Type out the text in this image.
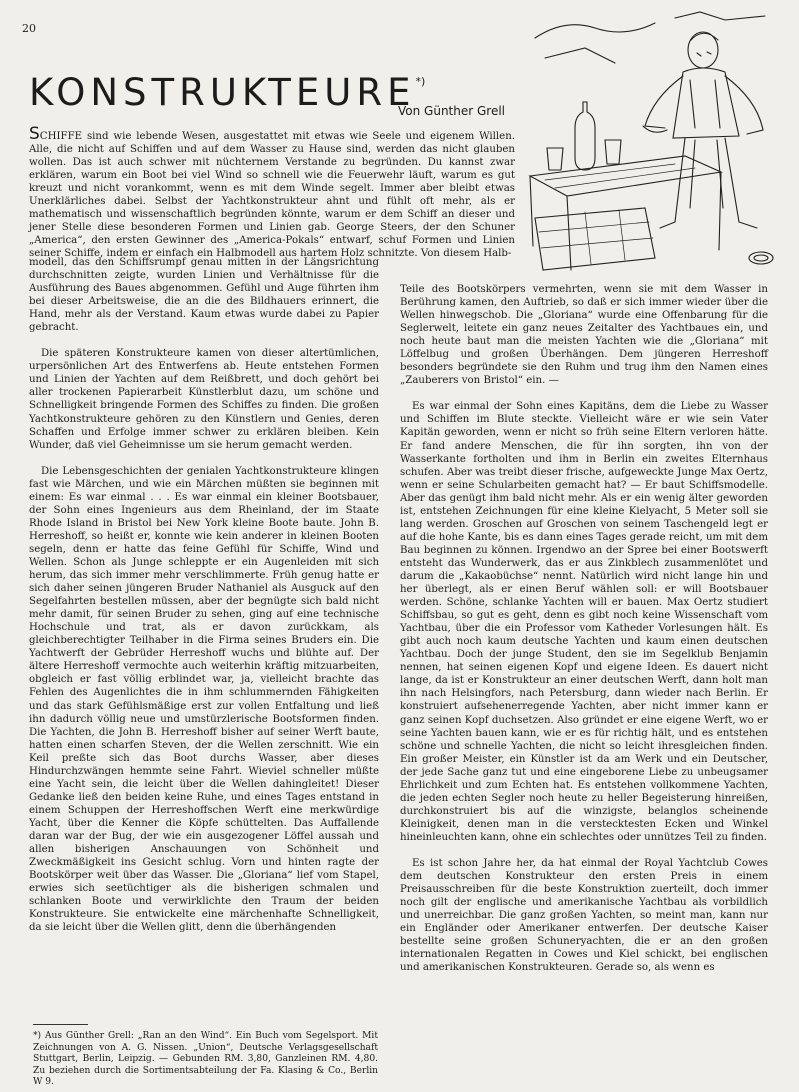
20
KONSTRUKTEURE*)
Von Günther Grell

SCHIFFE sind wie lebende Wesen, ausgestattet mit etwas wie Seele und eigenem Willen. Alle, die nicht auf Schiffen und auf dem Wasser zu Hause sind, werden das nicht glauben wollen. Das ist auch schwer mit nüchternem Verstande zu begründen. Du kannst zwar erklären, warum ein Boot bei viel Wind so schnell wie die Feuerwehr läuft, warum es gut kreuzt und nicht vorankommt, wenn es mit dem Winde segelt. Immer aber bleibt etwas Unerklärliches dabei. Selbst der Yachtkonstrukteur ahnt und fühlt oft mehr, als er mathematisch und wissenschaftlich begründen könnte, warum er dem Schiff an dieser und jener Stelle diese besonderen Formen und Linien gab. George Steers, der den Schuner „America“, den ersten Gewinner des „America-Pokals“ entwarf, schuf Formen und Linien seiner Schiffe, indem er einfach ein Halbmodell aus hartem Holz schnitzte. Von diesem Halb-

modell, das den Schiffsrumpf genau mitten in der Längsrichtung durchschnitten zeigte, wurden Linien und Verhältnisse für die Ausführung des Baues abgenommen. Gefühl und Auge führten ihm bei dieser Arbeitsweise, die an die des Bildhauers erinnert, die Hand, mehr als der Verstand. Kaum etwas wurde dabei zu Papier gebracht.

Die späteren Konstrukteure kamen von dieser altertümlichen, urpersönlichen Art des Entwerfens ab. Heute entstehen Formen und Linien der Yachten auf dem Reißbrett, und doch gehört bei aller trockenen Papierarbeit Künstlerblut dazu, um schöne und Schnelligkeit bringende Formen des Schiffes zu finden. Die großen Yachtkonstrukteure gehören zu den Künstlern und Genies, deren Schaffen und Erfolge immer schwer zu erklären bleiben. Kein Wunder, daß viel Geheimnisse um sie herum gemacht werden.

Die Lebensgeschichten der genialen Yachtkonstrukteure klingen fast wie Märchen, und wie ein Märchen müßten sie beginnen mit einem: Es war einmal . . . Es war einmal ein kleiner Bootsbauer, der Sohn eines Ingenieurs aus dem Rheinland, der im Staate Rhode Island in Bristol bei New York kleine Boote baute. John B. Herreshoff, so heißt er, konnte wie kein anderer in kleinen Booten segeln, denn er hatte das feine Gefühl für Schiffe, Wind und Wellen. Schon als Junge schleppte er ein Augenleiden mit sich herum, das sich immer mehr verschlimmerte. Früh genug hatte er sich daher seinen jüngeren Bruder Nathaniel als Ausguck auf den Segelfahrten bestellen müssen, aber der begnügte sich bald nicht mehr damit, für seinen Bruder zu sehen, ging auf eine technische Hochschule und trat, als er davon zurückkam, als gleichberechtigter Teilhaber in die Firma seines Bruders ein. Die Yachtwerft der Gebrüder Herreshoff wuchs und blühte auf. Der ältere Herreshoff vermochte auch weiterhin kräftig mitzuarbeiten, obgleich er fast völlig erblindet war, ja, vielleicht brachte das Fehlen des Augenlichtes die in ihm schlummernden Fähigkeiten und das stark Gefühlsmäßige erst zur vollen Entfaltung und ließ ihn dadurch völlig neue und umstürzlerische Bootsformen finden. Die Yachten, die John B. Herreshoff bisher auf seiner Werft baute, hatten einen scharfen Steven, der die Wellen zerschnitt. Wie ein Keil preßte sich das Boot durchs Wasser, aber dieses Hindurchzwängen hemmte seine Fahrt. Wieviel schneller müßte eine Yacht sein, die leicht über die Wellen dahingleitet! Dieser Gedanke ließ den beiden keine Ruhe, und eines Tages entstand in einem Schuppen der Herreshoffschen Werft eine merkwürdige Yacht, über die Kenner die Köpfe schüttelten. Das Auffallende daran war der Bug, der wie ein ausgezogener Löffel aussah und allen bisherigen Anschauungen von Schönheit und Zweckmäßigkeit ins Gesicht schlug. Vorn und hinten ragte der Bootskörper weit über das Wasser. Die „Gloriana“ lief vom Stapel, erwies sich seetüchtiger als die bisherigen schmalen und schlanken Boote und verwirklichte den Traum der beiden Konstrukteure. Sie entwickelte eine märchenhafte Schnelligkeit, da sie leicht über die Wellen glitt, denn die überhängenden

Teile des Bootskörpers vermehrten, wenn sie mit dem Wasser in Berührung kamen, den Auftrieb, so daß er sich immer wieder über die Wellen hinwegschob. Die „Gloriana“ wurde eine Offenbarung für die Seglerwelt, leitete ein ganz neues Zeitalter des Yachtbaues ein, und noch heute baut man die meisten Yachten wie die „Gloriana“ mit Löffelbug und großen Überhängen. Dem jüngeren Herreshoff besonders begründete sie den Ruhm und trug ihm den Namen eines „Zauberers von Bristol“ ein. —

Es war einmal der Sohn eines Kapitäns, dem die Liebe zu Wasser und Schiffen im Blute steckte. Vielleicht wäre er wie sein Vater Kapitän geworden, wenn er nicht so früh seine Eltern verloren hätte. Er fand andere Menschen, die für ihn sorgten, ihn von der Wasserkante fortholten und ihm in Berlin ein zweites Elternhaus schufen. Aber was treibt dieser frische, aufgeweckte Junge Max Oertz, wenn er seine Schularbeiten gemacht hat? — Er baut Schiffsmodelle. Aber das genügt ihm bald nicht mehr. Als er ein wenig älter geworden ist, entstehen Zeichnungen für eine kleine Kielyacht, 5 Meter soll sie lang werden. Groschen auf Groschen von seinem Taschengeld legt er auf die hohe Kante, bis es dann eines Tages gerade reicht, um mit dem Bau beginnen zu können. Irgendwo an der Spree bei einer Bootswerft entsteht das Wunderwerk, das er aus Zinkblech zusammenlötet und darum die „Kakaobüchse“ nennt. Natürlich wird nicht lange hin und her überlegt, als er einen Beruf wählen soll: er will Bootsbauer werden. Schöne, schlanke Yachten will er bauen. Max Oertz studiert Schiffsbau, so gut es geht, denn es gibt noch keine Wissenschaft vom Yachtbau, über die ein Professor vom Katheder Vorlesungen hält. Es gibt auch noch kaum deutsche Yachten und kaum einen deutschen Yachtbau. Doch der junge Student, den sie im Segelklub Benjamin nennen, hat seinen eigenen Kopf und eigene Ideen. Es dauert nicht lange, da ist er Konstrukteur an einer deutschen Werft, dann holt man ihn nach Helsingfors, nach Petersburg, dann wieder nach Berlin. Er konstruiert aufsehenerregende Yachten, aber nicht immer kann er ganz seinen Kopf duchsetzen. Also gründet er eine eigene Werft, wo er seine Yachten bauen kann, wie er es für richtig hält, und es entstehen schöne und schnelle Yachten, die nicht so leicht ihresgleichen finden. Ein großer Meister, ein Künstler ist da am Werk und ein Deutscher, der jede Sache ganz tut und eine eingeborene Liebe zu unbeugsamer Ehrlichkeit und zum Echten hat. Es entstehen vollkommene Yachten, die jeden echten Segler noch heute zu heller Begeisterung hinreißen, durchkonstruiert bis auf die winzigste, belanglos scheinende Kleinigkeit, denen man in die verstecktesten Ecken und Winkel hineinleuchten kann, ohne ein schlechtes oder unnützes Teil zu finden.

Es ist schon Jahre her, da hat einmal der Royal Yachtclub Cowes dem deutschen Konstrukteur den ersten Preis in einem Preisausschreiben für die beste Konstruktion zuerteilt, doch immer noch gilt der englische und amerikanische Yachtbau als vorbildlich und unerreichbar. Die ganz großen Yachten, so meint man, kann nur ein Engländer oder Amerikaner entwerfen. Der deutsche Kaiser bestellte seine großen Schuneryachten, die er an den großen internationalen Regatten in Cowes und Kiel schickt, bei englischen und amerikanischen Konstrukteuren. Gerade so, als wenn es

*) Aus Günther Grell: „Ran an den Wind“. Ein Buch vom Segelsport. Mit Zeichnungen von A. G. Nissen. „Union“, Deutsche Verlagsgesellschaft Stuttgart, Berlin, Leipzig. — Gebunden RM. 3,80, Ganzleinen RM. 4,80. Zu beziehen durch die Sortimentsabteilung der Fa. Klasing & Co., Berlin W 9.
